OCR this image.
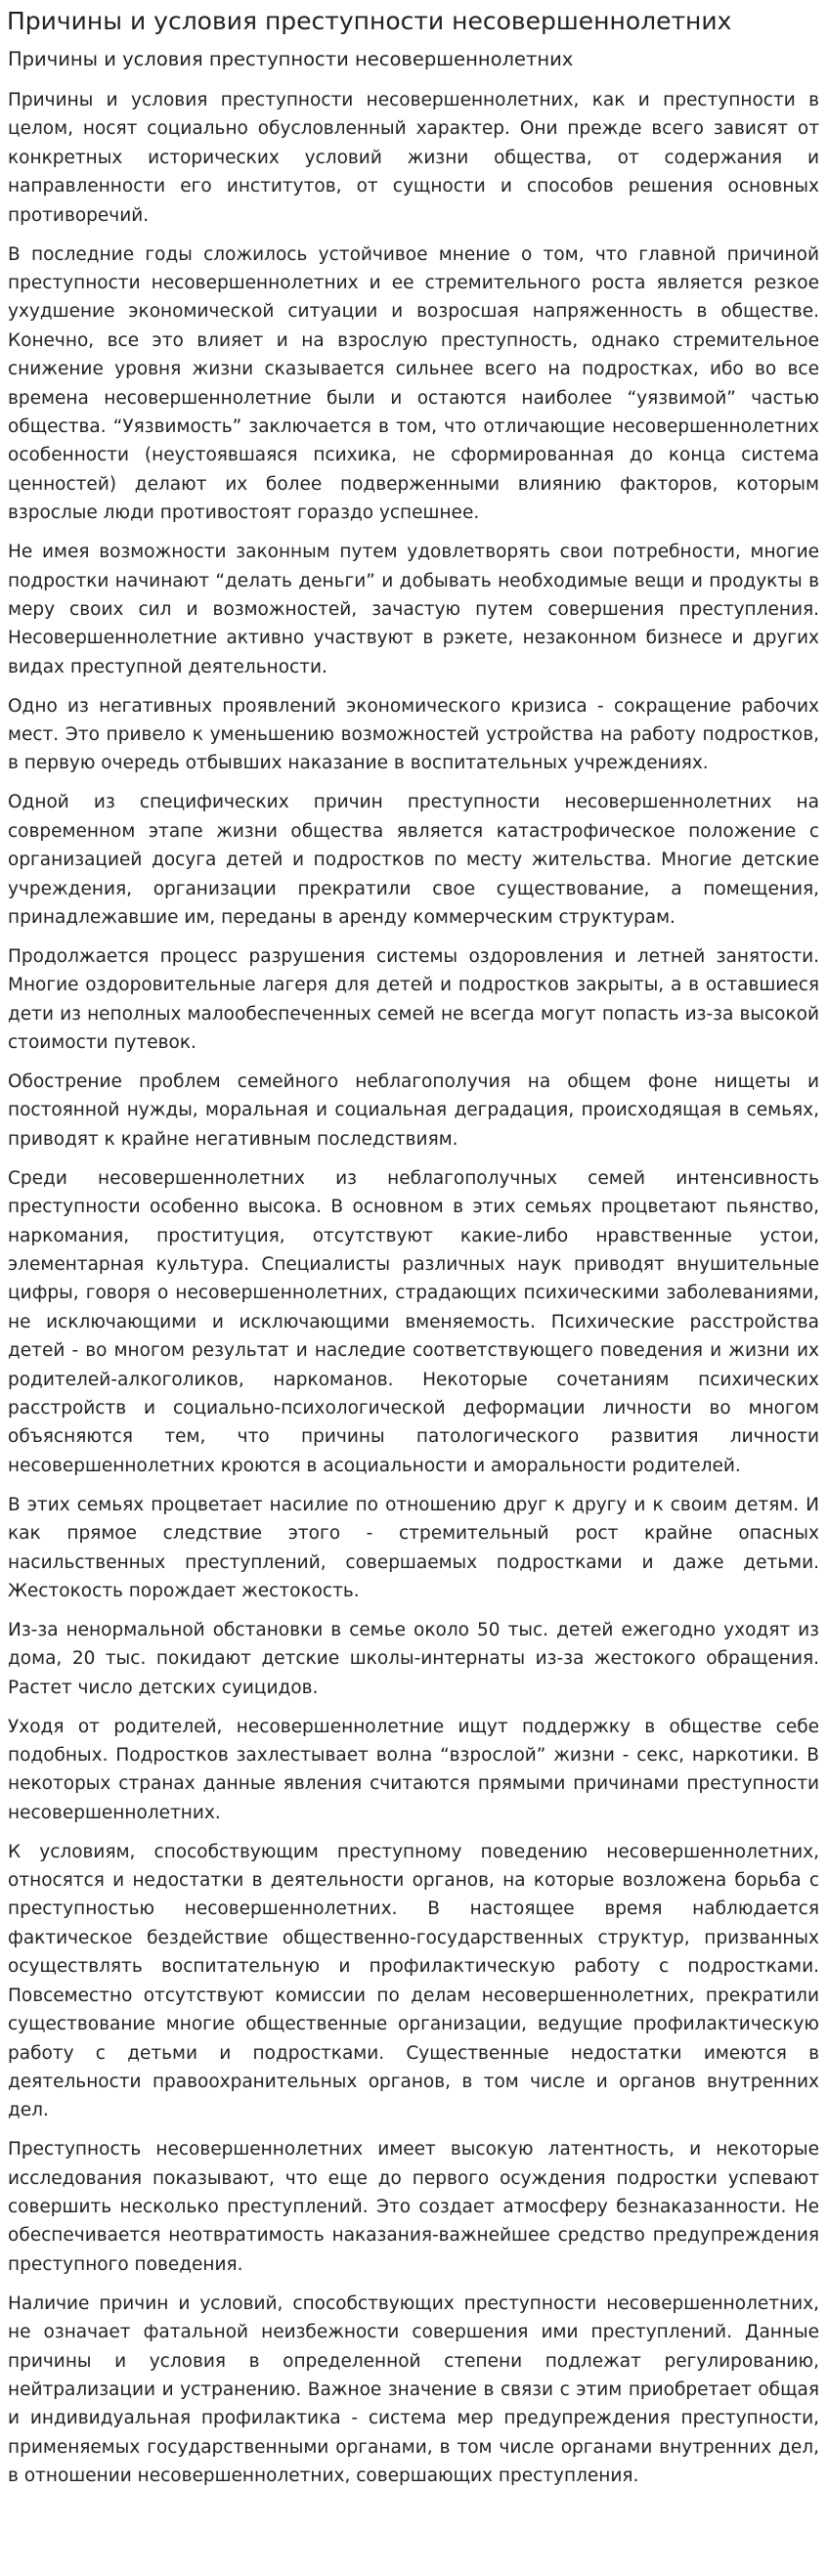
Причины и условия преступности несовершеннолетних
Причины и условия преступности несовершеннолетних

Причины и условия преступности несовершеннолетних, как и преступности в целом, носят социально обусловленный характер. Они прежде всего зависят от конкретных исторических условий жизни общества, от содержания и направленности его институтов, от сущности и способов решения основных противоречий.

В последние годы сложилось устойчивое мнение о том, что главной причиной преступности несовершеннолетних и ее стремительного роста является резкое ухудшение экономической ситуации и возросшая напряженность в обществе. Конечно, все это влияет и на взрослую преступность, однако стремительное снижение уровня жизни сказывается сильнее всего на подростках, ибо во все времена несовершеннолетние были и остаются наиболее “уязвимой” частью общества. “Уязвимость” заключается в том, что отличающие несовершеннолетних особенности (неустоявшаяся психика, не сформированная до конца система ценностей) делают их более подверженными влиянию факторов, которым взрослые люди противостоят гораздо успешнее.

Не имея возможности законным путем удовлетворять свои потребности, многие подростки начинают “делать деньги” и добывать необходимые вещи и продукты в меру своих сил и возможностей, зачастую путем совершения преступления. Несовершеннолетние активно участвуют в рэкете, незаконном бизнесе и других видах преступной деятельности.

Одно из негативных проявлений экономического кризиса - сокращение рабочих мест. Это привело к уменьшению возможностей устройства на работу подростков, в первую очередь отбывших наказание в воспитательных учреждениях.

Одной из специфических причин преступности несовершеннолетних на современном этапе жизни общества является катастрофическое положение с организацией досуга детей и подростков по месту жительства. Многие детские учреждения, организации прекратили свое существование, а помещения, принадлежавшие им, переданы в аренду коммерческим структурам.

Продолжается процесс разрушения системы оздоровления и летней занятости. Многие оздоровительные лагеря для детей и подростков закрыты, а в оставшиеся дети из неполных малообеспеченных семей не всегда могут попасть из-за высокой стоимости путевок.

Обострение проблем семейного неблагополучия на общем фоне нищеты и постоянной нужды, моральная и социальная деградация, происходящая в семьях, приводят к крайне негативным последствиям.

Среди несовершеннолетних из неблагополучных семей интенсивность преступности особенно высока. В основном в этих семьях процветают пьянство, наркомания, проституция, отсутствуют какие-либо нравственные устои, элементарная культура. Специалисты различных наук приводят внушительные цифры, говоря о несовершеннолетних, страдающих психическими заболеваниями, не исключающими и исключающими вменяемость. Психические расстройства детей - во многом результат и наследие соответствующего поведения и жизни их родителей-алкоголиков, наркоманов. Некоторые сочетаниям психических расстройств и социально-психологической деформации личности во многом объясняются тем, что причины патологического развития личности несовершеннолетних кроются в асоциальности и аморальности родителей.

В этих семьях процветает насилие по отношению друг к другу и к своим детям. И как прямое следствие этого - стремительный рост крайне опасных насильственных преступлений, совершаемых подростками и даже детьми. Жестокость порождает жестокость.

Из-за ненормальной обстановки в семье около 50 тыс. детей ежегодно уходят из дома, 20 тыс. покидают детские школы-интернаты из-за жестокого обращения. Растет число детских суицидов.

Уходя от родителей, несовершеннолетние ищут поддержку в обществе себе подобных. Подростков захлестывает волна “взрослой” жизни - секс, наркотики. В некоторых странах данные явления считаются прямыми причинами преступности несовершеннолетних.

К условиям, способствующим преступному поведению несовершеннолетних, относятся и недостатки в деятельности органов, на которые возложена борьба с преступностью несовершеннолетних. В настоящее время наблюдается фактическое бездействие общественно-государственных структур, призванных осуществлять воспитательную и профилактическую работу с подростками. Повсеместно отсутствуют комиссии по делам несовершеннолетних, прекратили существование многие общественные организации, ведущие профилактическую работу с детьми и подростками. Существенные недостатки имеются в деятельности правоохранительных органов, в том числе и органов внутренних дел.

Преступность несовершеннолетних имеет высокую латентность, и некоторые исследования показывают, что еще до первого осуждения подростки успевают совершить несколько преступлений. Это создает атмосферу безнаказанности. Не обеспечивается неотвратимость наказания-важнейшее средство предупреждения преступного поведения.

Наличие причин и условий, способствующих преступности несовершеннолетних, не означает фатальной неизбежности совершения ими преступлений. Данные причины и условия в определенной степени подлежат регулированию, нейтрализации и устранению. Важное значение в связи с этим приобретает общая и индивидуальная профилактика - система мер предупреждения преступности, применяемых государственными органами, в том числе органами внутренних дел, в отношении несовершеннолетних, совершающих преступления.
